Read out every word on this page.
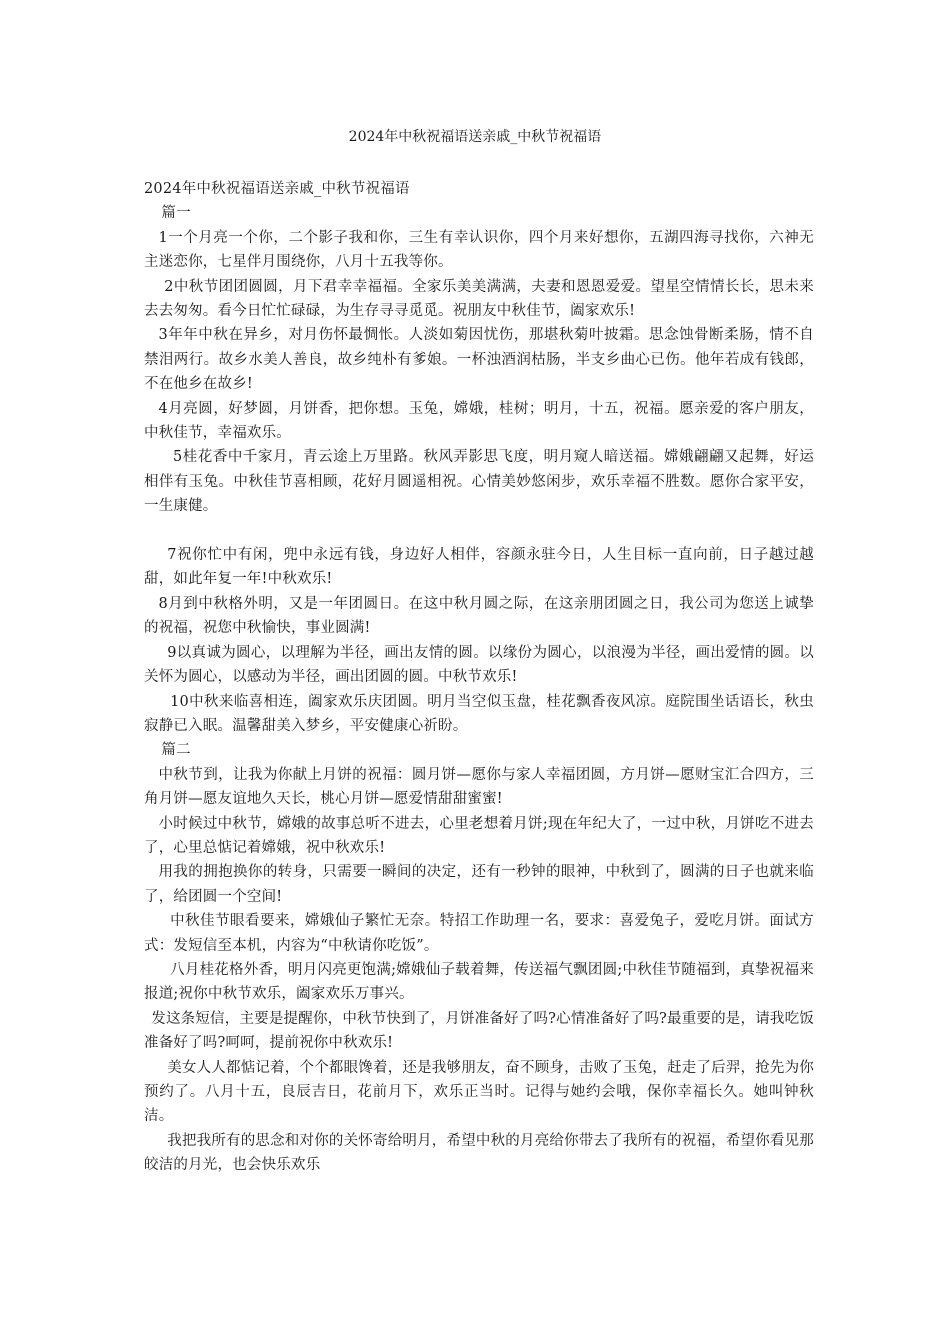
2024年中秋祝福语送亲戚_中秋节祝福语

2024年中秋祝福语送亲戚_中秋节祝福语

篇一

1一个月亮一个你，二个影子我和你，三生有幸认识你，四个月来好想你，五湖四海寻找你，六神无主迷恋你，七星伴月围绕你，八月十五我等你。

2中秋节团团圆圆，月下君幸幸福福。全家乐美美满满，夫妻和恩恩爱爱。望星空情情长长，思未来去去匆匆。看今日忙忙碌碌，为生存寻寻觅觅。祝朋友中秋佳节，阖家欢乐!

3年年中秋在异乡，对月伤怀最惆怅。人淡如菊因忧伤，那堪秋菊叶披霜。思念蚀骨断柔肠，情不自禁泪两行。故乡水美人善良，故乡纯朴有爹娘。一杯浊酒润枯肠，半支乡曲心已伤。他年若成有钱郎，不在他乡在故乡!

4月亮圆，好梦圆，月饼香，把你想。玉兔，嫦娥，桂树；明月，十五，祝福。愿亲爱的客户朋友，中秋佳节，幸福欢乐。

5桂花香中千家月，青云途上万里路。秋风弄影思飞度，明月窥人暗送福。嫦娥翩翩又起舞，好运相伴有玉兔。中秋佳节喜相顾，花好月圆遥相祝。心情美妙悠闲步，欢乐幸福不胜数。愿你合家平安，一生康健。

7祝你忙中有闲，兜中永远有钱，身边好人相伴，容颜永驻今日，人生目标一直向前，日子越过越甜，如此年复一年!中秋欢乐!

8月到中秋格外明，又是一年团圆日。在这中秋月圆之际，在这亲朋团圆之日，我公司为您送上诚挚的祝福，祝您中秋愉快，事业圆满!

9以真诚为圆心，以理解为半径，画出友情的圆。以缘份为圆心，以浪漫为半径，画出爱情的圆。以关怀为圆心，以感动为半径，画出团圆的圆。中秋节欢乐!

10中秋来临喜相连，阖家欢乐庆团圆。明月当空似玉盘，桂花飘香夜风凉。庭院围坐话语长，秋虫寂静已入眠。温馨甜美入梦乡，平安健康心祈盼。

篇二

中秋节到，让我为你献上月饼的祝福：圆月饼—愿你与家人幸福团圆，方月饼—愿财宝汇合四方，三角月饼—愿友谊地久天长，桃心月饼—愿爱情甜甜蜜蜜!

小时候过中秋节，嫦娥的故事总听不进去，心里老想着月饼;现在年纪大了，一过中秋，月饼吃不进去了，心里总惦记着嫦娥，祝中秋欢乐!

用我的拥抱换你的转身，只需要一瞬间的决定，还有一秒钟的眼神，中秋到了，圆满的日子也就来临了，给团圆一个空间!

中秋佳节眼看要来，嫦娥仙子繁忙无奈。特招工作助理一名，要求：喜爱兔子，爱吃月饼。面试方式：发短信至本机，内容为“中秋请你吃饭”。

八月桂花格外香，明月闪亮更饱满;嫦娥仙子载着舞，传送福气飘团圆;中秋佳节随福到，真挚祝福来报道;祝你中秋节欢乐，阖家欢乐万事兴。

发这条短信，主要是提醒你，中秋节快到了，月饼准备好了吗?心情准备好了吗?最重要的是，请我吃饭准备好了吗?呵呵，提前祝你中秋欢乐!

美女人人都惦记着，个个都眼馋着，还是我够朋友，奋不顾身，击败了玉兔，赶走了后羿，抢先为你预约了。八月十五，良辰吉日，花前月下，欢乐正当时。记得与她约会哦，保你幸福长久。她叫钟秋洁。

我把我所有的思念和对你的关怀寄给明月，希望中秋的月亮给你带去了我所有的祝福，希望你看见那皎洁的月光，也会快乐欢乐
